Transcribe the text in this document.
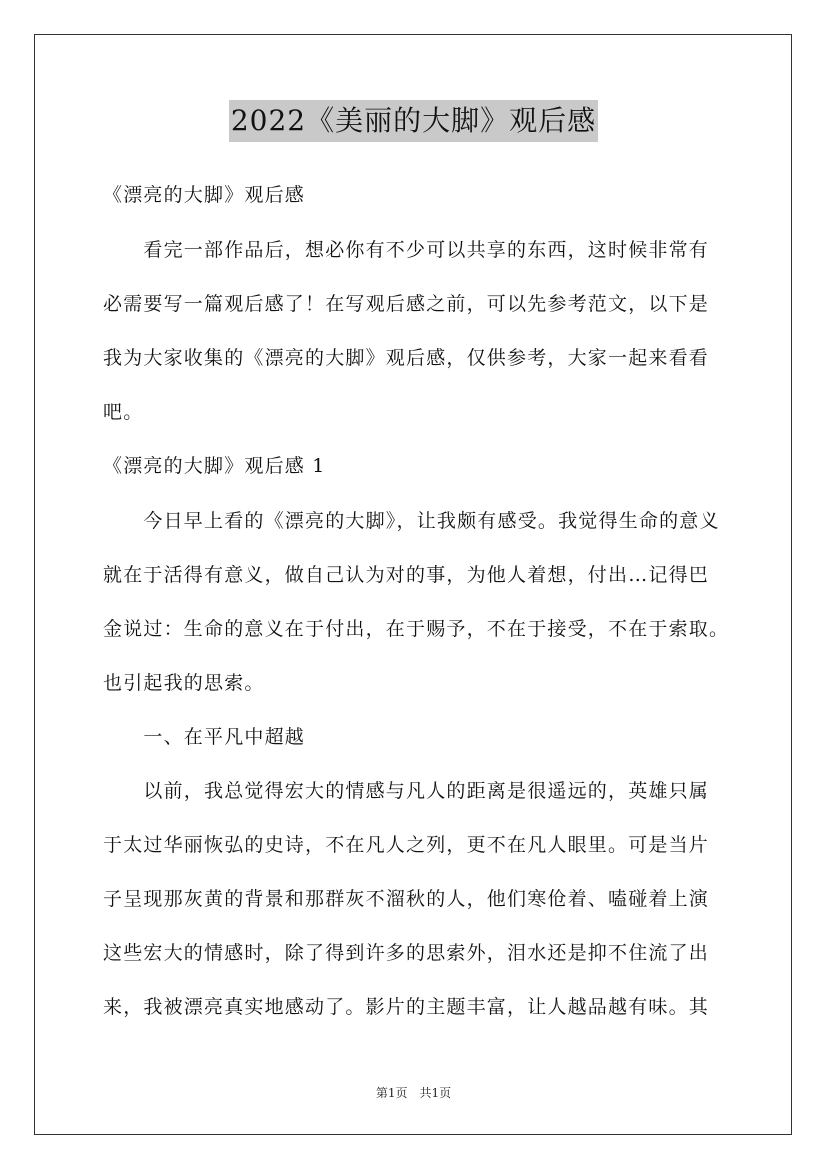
2022《美丽的大脚》观后感
《漂亮的大脚》观后感
　　看完一部作品后，想必你有不少可以共享的东西，这时候非常有
必需要写一篇观后感了！在写观后感之前，可以先参考范文，以下是
我为大家收集的《漂亮的大脚》观后感，仅供参考，大家一起来看看
吧。
《漂亮的大脚》观后感 1
　　今日早上看的《漂亮的大脚》，让我颇有感受。我觉得生命的意义
就在于活得有意义，做自己认为对的事，为他人着想，付出…记得巴
金说过：生命的意义在于付出，在于赐予，不在于接受，不在于索取。
也引起我的思索。
　　一、在平凡中超越
　　以前，我总觉得宏大的情感与凡人的距离是很遥远的，英雄只属
于太过华丽恢弘的史诗，不在凡人之列，更不在凡人眼里。可是当片
子呈现那灰黄的背景和那群灰不溜秋的人，他们寒伧着、嗑碰着上演
这些宏大的情感时，除了得到许多的思索外，泪水还是抑不住流了出
来，我被漂亮真实地感动了。影片的主题丰富，让人越品越有味。其
第1页　共1页
